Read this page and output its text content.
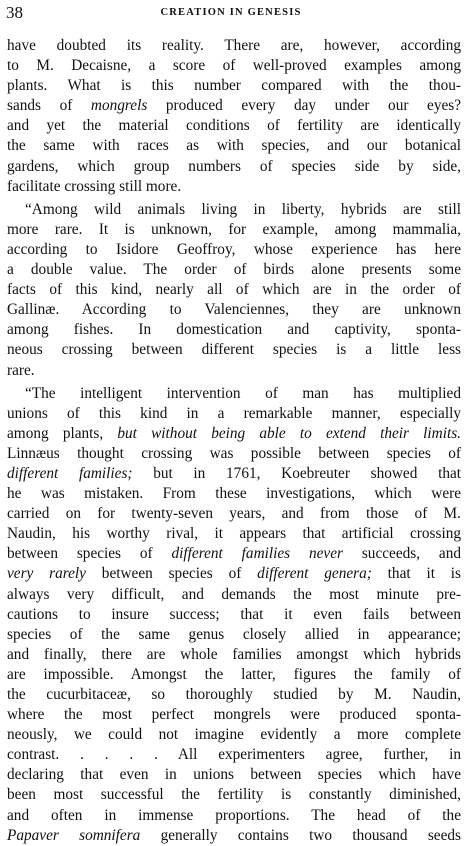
38	CREATION IN GENESIS
have doubted its reality. There are, however, according
to M. Decaisne, a score of well-proved examples among
plants. What is this number compared with the thou-
sands of mongrels produced every day under our eyes?
and yet the material conditions of fertility are identically
the same with races as with species, and our botanical
gardens, which group numbers of species side by side,
facilitate crossing still more.
“Among wild animals living in liberty, hybrids are still
more rare. It is unknown, for example, among mammalia,
according to Isidore Geoffroy, whose experience has here
a double value. The order of birds alone presents some
facts of this kind, nearly all of which are in the order of
Gallinæ. According to Valenciennes, they are unknown
among fishes. In domestication and captivity, sponta-
neous crossing between different species is a little less
rare.
“The intelligent intervention of man has multiplied
unions of this kind in a remarkable manner, especially
among plants, but without being able to extend their limits.
Linnæus thought crossing was possible between species of
different families; but in 1761, Koebreuter showed that
he was mistaken. From these investigations, which were
carried on for twenty-seven years, and from those of M.
Naudin, his worthy rival, it appears that artificial crossing
between species of different families never succeeds, and
very rarely between species of different genera; that it is
always very difficult, and demands the most minute pre-
cautions to insure success; that it even fails between
species of the same genus closely allied in appearance;
and finally, there are whole families amongst which hybrids
are impossible. Amongst the latter, figures the family of
the cucurbitaceæ, so thoroughly studied by M. Naudin,
where the most perfect mongrels were produced sponta-
neously, we could not imagine evidently a more complete
contrast. . . . . All experimenters agree, further, in
declaring that even in unions between species which have
been most successful the fertility is constantly diminished,
and often in immense proportions. The head of the
Papaver somnifera generally contains two thousand seeds
